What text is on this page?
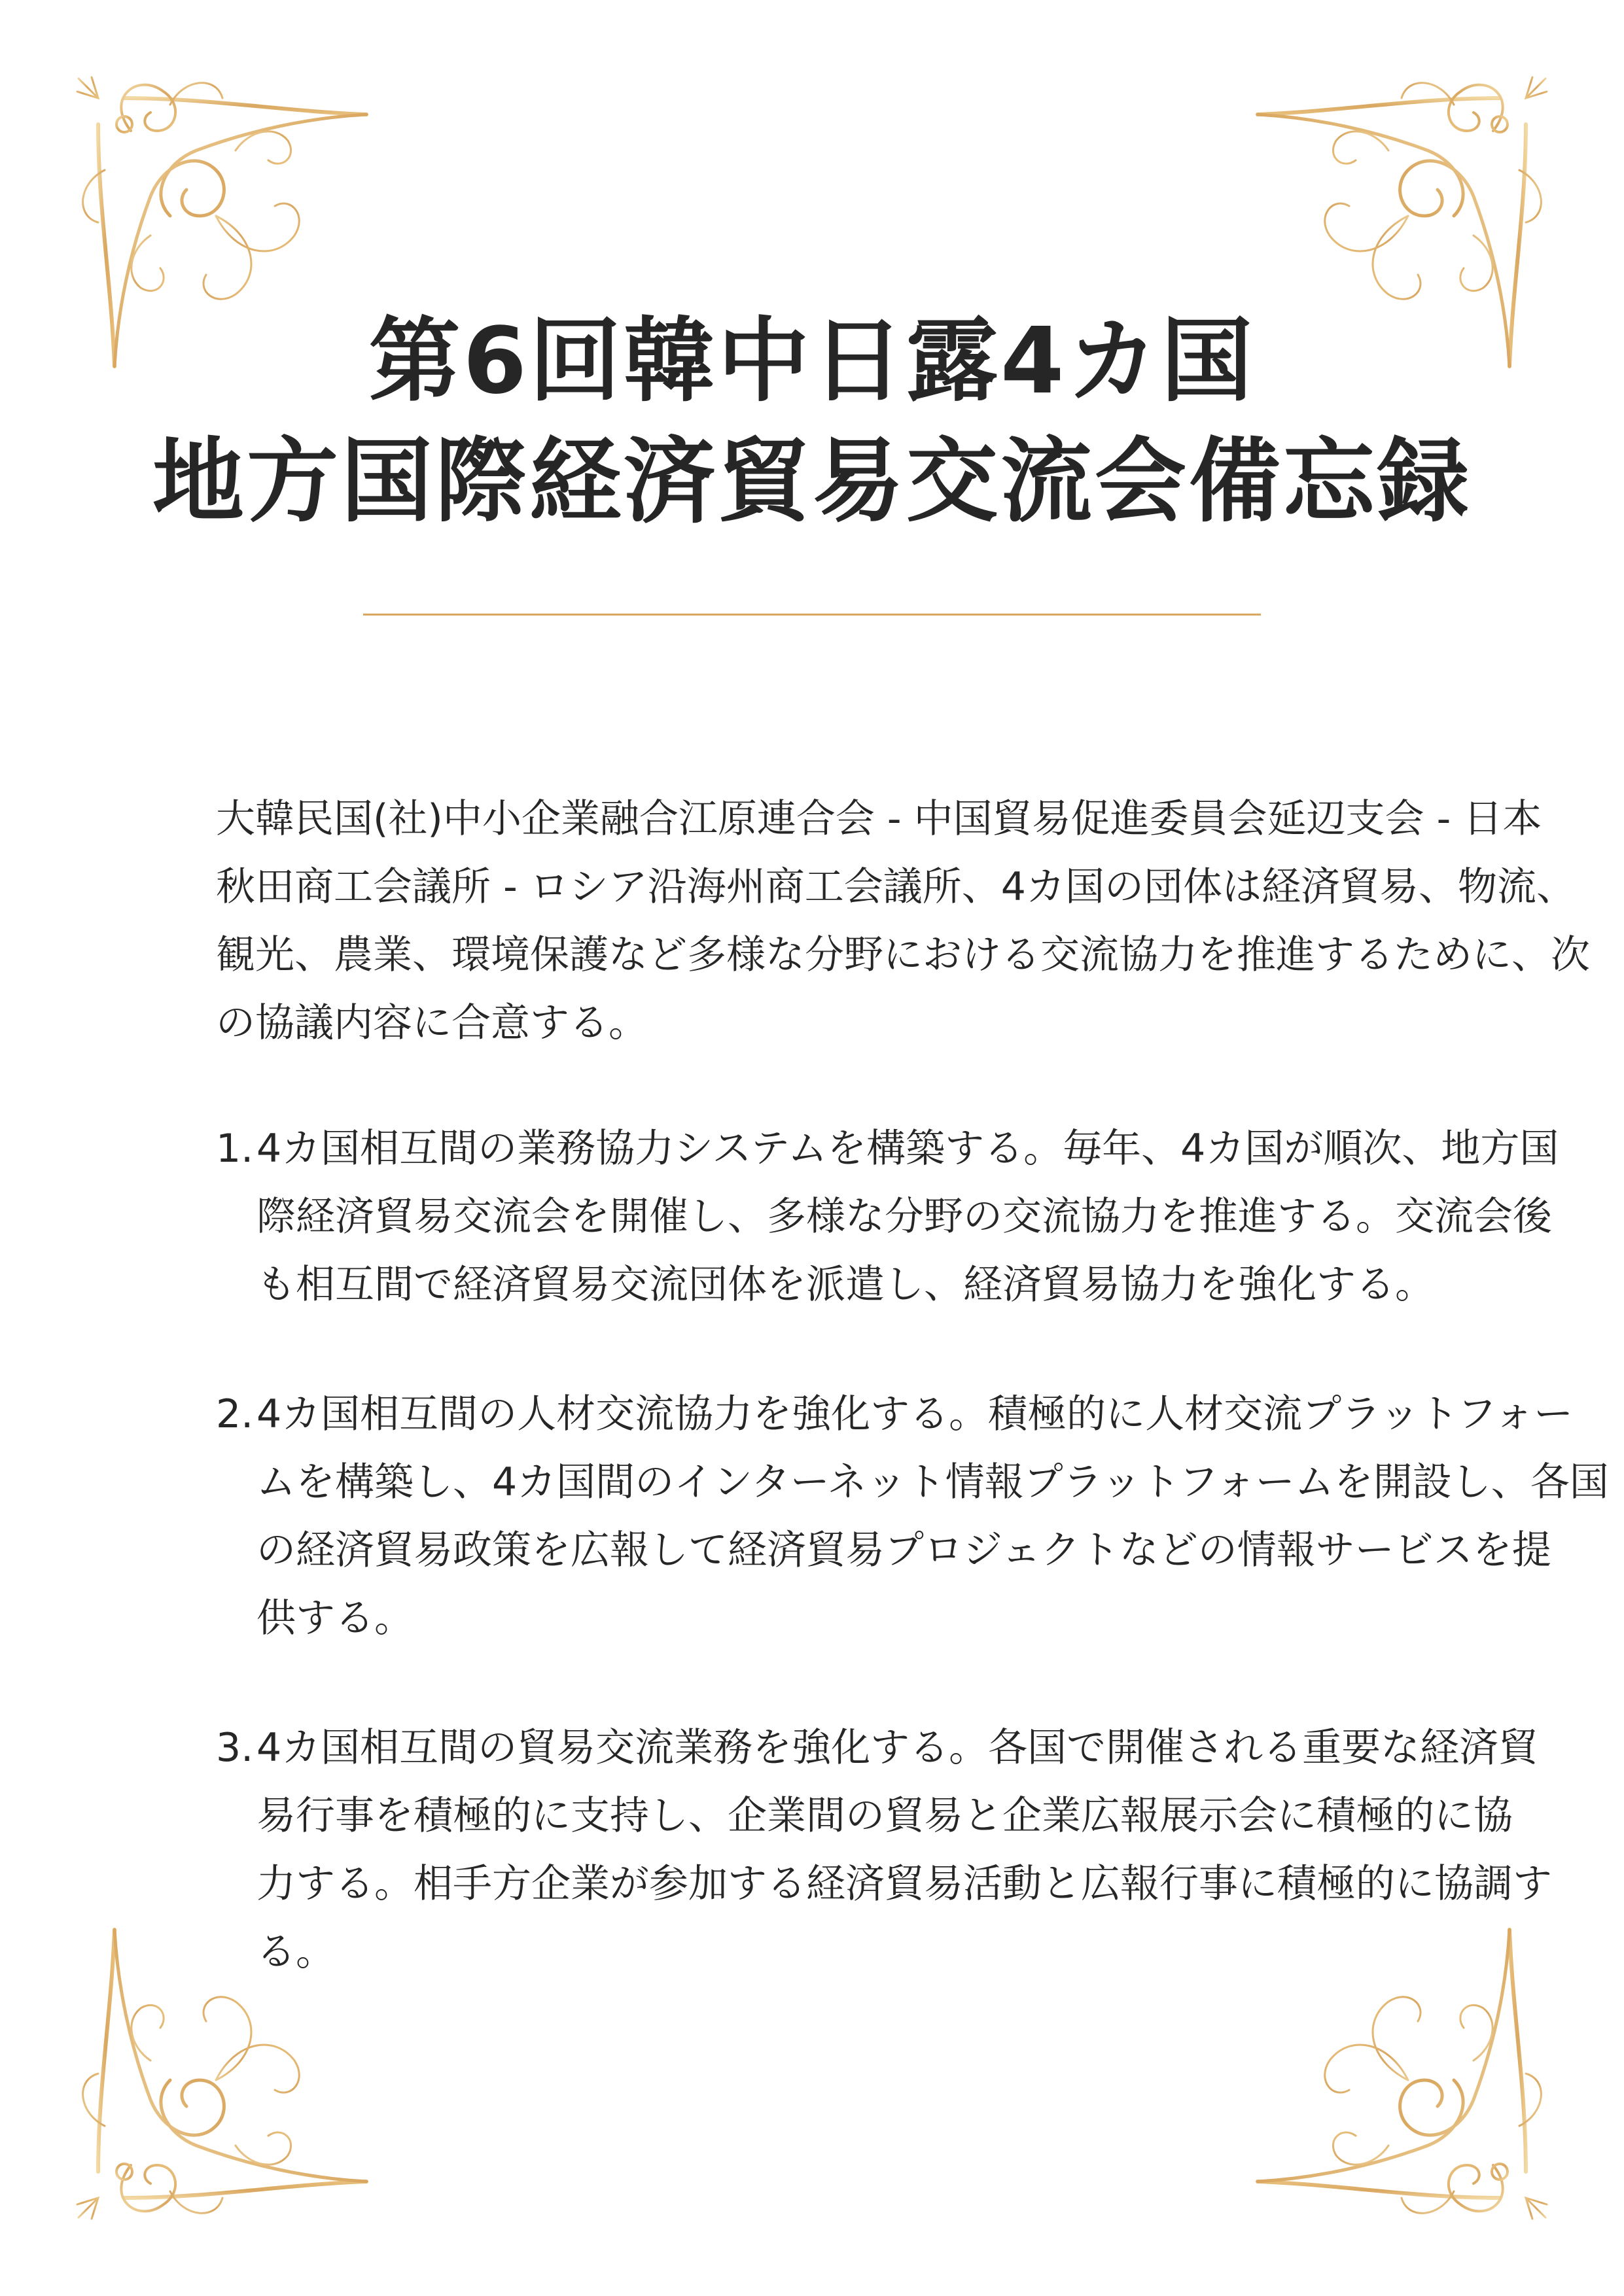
第6回韓中日露4カ国
地方国際経済貿易交流会備忘録
大韓民国(社)中小企業融合江原連合会 - 中国貿易促進委員会延辺支会 - 日本
秋田商工会議所 - ロシア沿海州商工会議所、4カ国の団体は経済貿易、物流、
観光、農業、環境保護など多様な分野における交流協力を推進するために、次
の協議内容に合意する。
1.4カ国相互間の業務協力システムを構築する。毎年、4カ国が順次、地方国
際経済貿易交流会を開催し、多様な分野の交流協力を推進する。交流会後
も相互間で経済貿易交流団体を派遣し、経済貿易協力を強化する。
2.4カ国相互間の人材交流協力を強化する。積極的に人材交流プラットフォー
ムを構築し、4カ国間のインターネット情報プラットフォームを開設し、各国
の経済貿易政策を広報して経済貿易プロジェクトなどの情報サービスを提
供する。
3.4カ国相互間の貿易交流業務を強化する。各国で開催される重要な経済貿
易行事を積極的に支持し、企業間の貿易と企業広報展示会に積極的に協
力する。相手方企業が参加する経済貿易活動と広報行事に積極的に協調す
る。
